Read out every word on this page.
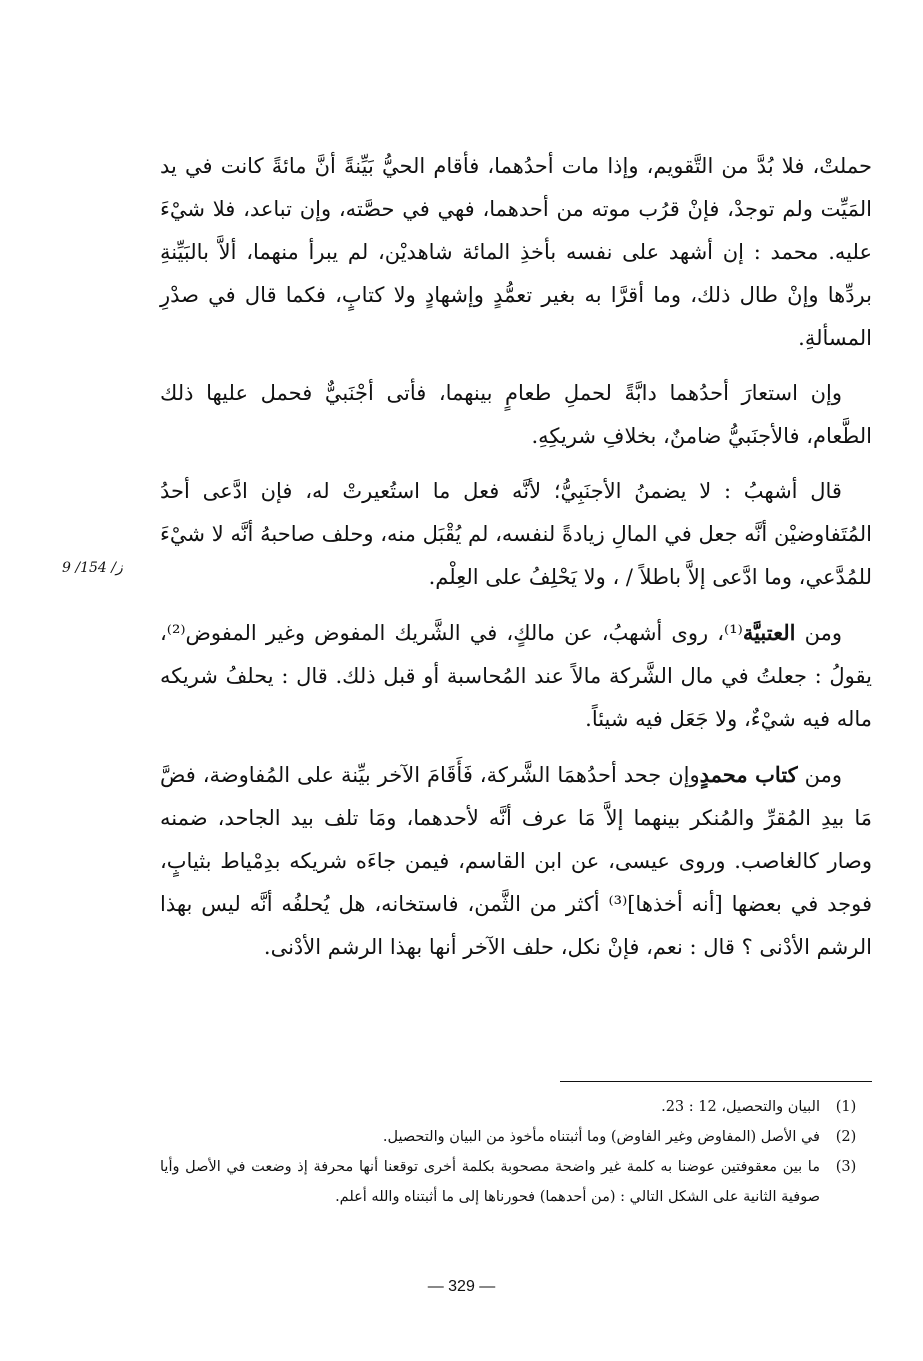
حملتْ، فلا بُدَّ من التَّقويم، وإذا مات أحدُهما، فأقام الحيُّ بَيِّنةً أنَّ مائةً كانت في يد المَيِّت ولم توجدْ، فإنْ قرُب موته من أحدهما، فهي في حصَّته، وإن تباعد، فلا شيْءَ عليه. محمد : إن أشهد على نفسه بأخذِ المائة شاهديْن، لم يبرأ منهما، ألاَّ بالبَيِّنةِ بردِّها وإنْ طال ذلك، وما أقرَّا به بغير تعمُّدٍ وإشهادٍ ولا كتابٍ، فكما قال في صدْرِ المسألةِ.

وإن استعارَ أحدُهما دابَّةً لحملِ طعامٍ بينهما، فأتى أجْنَبيٌّ فحمل عليها ذلك الطَّعام، فالأجنَبيُّ ضامنٌ، بخلافِ شريكِهِ.

قال أشهبُ : لا يضمنُ الأجنَبِيُّ؛ لأنَّه فعل ما استُعيرتْ له، فإن ادَّعى أحدُ المُتَفاوضيْن أنَّه جعل في المالِ زيادةً لنفسه، لم يُقْبَل منه، وحلف صاحبهُ أنَّه لا شيْءَ للمُدَّعي، وما ادَّعى إلاَّ باطلاً / ، ولا يَحْلِفُ على العِلْم.

ومن العتبيَّة⁽¹⁾، روى أشهبُ، عن مالكٍ، في الشَّريك المفوض وغير المفوض⁽²⁾، يقولُ : جعلتُ في مال الشَّركة مالاً عند المُحاسبة أو قبل ذلك. قال : يحلفُ شريكه ماله فيه شيْءٌ، ولا جَعَل فيه شيئاً.

ومن كتاب محمدٍوإن جحد أحدُهمَا الشَّركة، فَأَقَامَ الآخر بيِّنة على المُفاوضة، فضَّ مَا بيدِ المُقرِّ والمُنكر بينهما إلاَّ مَا عرف أنَّه لأحدهما، ومَا تلف بيد الجاحد، ضمنه وصار كالغاصب. وروى عيسى، عن ابن القاسم، فيمن جاءَه شريكه بدِمْياط بثيابٍ، فوجد في بعضها [أنه أخذها]⁽³⁾ أكثر من الثَّمن، فاستخانه، هل يُحلفُه أنَّه ليس بهذا الرشم الأدْنى ؟ قال : نعم، فإنْ نكل، حلف الآخر أنها بهذا الرشم الأدْنى.

9 /154 /ز
(1)
البيان والتحصيل، 12 : 23.
(2)
في الأصل (المفاوض وغير الفاوض) وما أثبتناه مأخوذ من البيان والتحصيل.
(3)
ما بين معقوفتين عوضنا به كلمة غير واضحة مصحوبة بكلمة أخرى توقعنا أنها محرفة إذ وضعت في الأصل وأيا صوفية الثانية على الشكل التالي : (من أحدهما) فحورناها إلى ما أثبتناه والله أعلم.
— 329 —
